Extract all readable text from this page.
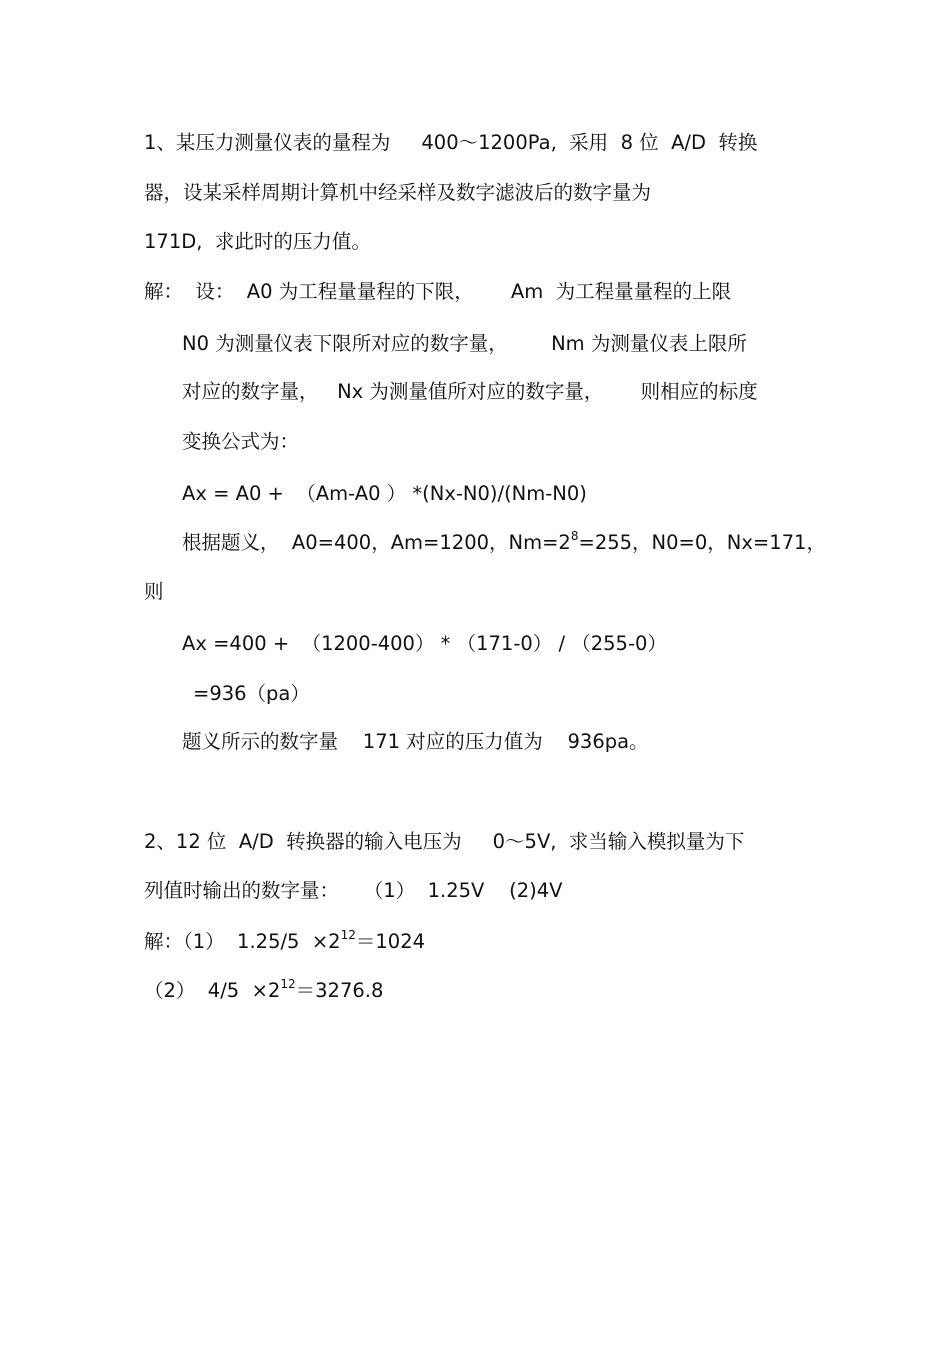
1、某压力测量仪表的量程为     400～1200Pa,  采用  8 位  A/D  转换
器，设某采样周期计算机中经采样及数字滤波后的数字量为
171D,  求此时的压力值。
解：  设：  A0 为工程量量程的下限，      Am  为工程量量程的上限
N0 为测量仪表下限所对应的数字量，       Nm 为测量仪表上限所
对应的数字量，   Nx 为测量值所对应的数字量，      则相应的标度
变换公式为：
Ax = A0 +  （Am-A0 ） *(Nx-N0)/(Nm-N0)
根据题义，  A0=400，Am=1200，$Nm=2^8=255$，N0=0，Nx=171，
则
Ax =400 +  （1200-400） * （171-0） / （255-0）
=936（pa）
题义所示的数字量    171 对应的压力值为    936pa。
2、12 位  A/D  转换器的输入电压为     0～5V,  求当输入模拟量为下
列值时输出的数字量：    （1）  1.25V    (2)4V
解：（1）  $1.25/5 \times 2^{12}=1024$
（2）  $4/5 \times 2^{12}=3276.8$
